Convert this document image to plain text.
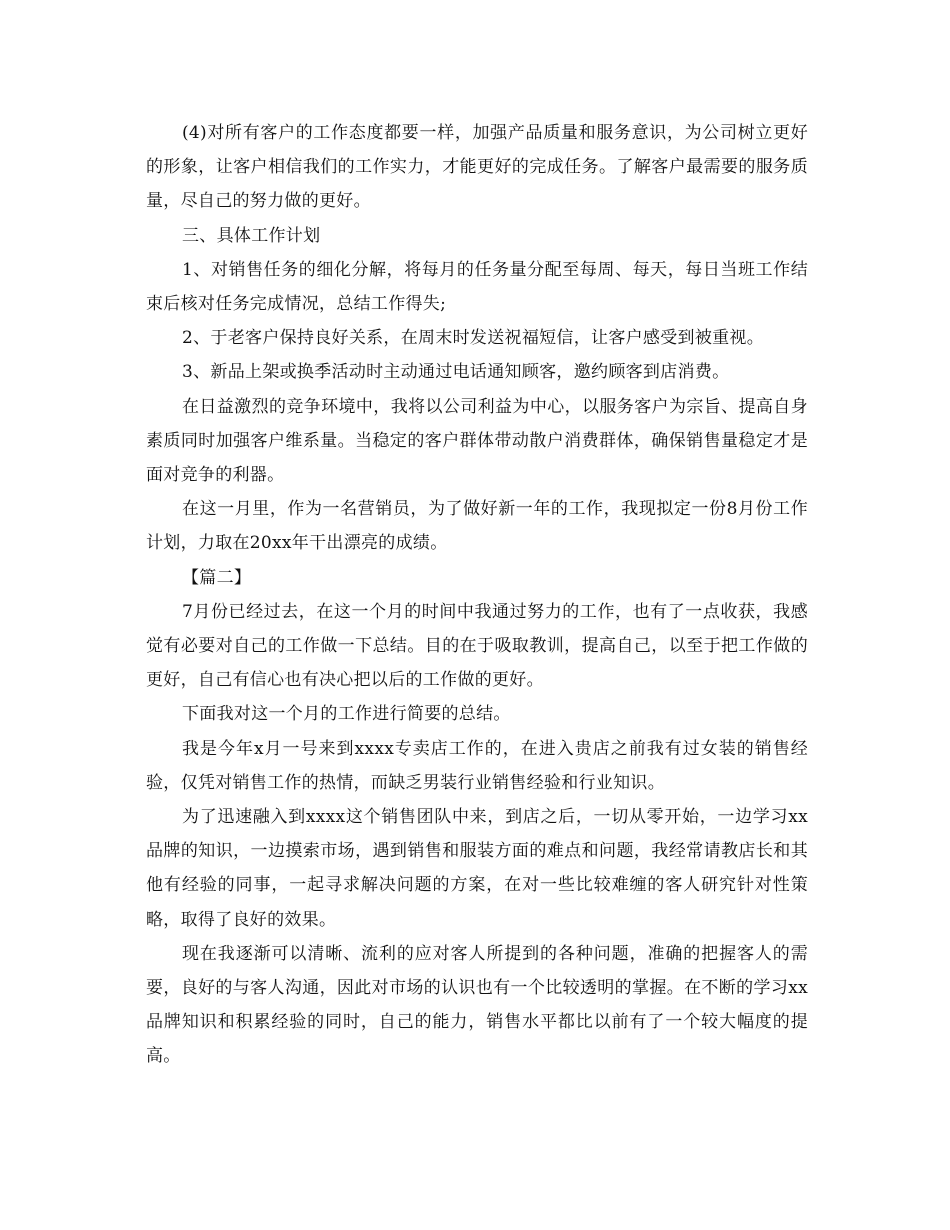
(4)对所有客户的工作态度都要一样，加强产品质量和服务意识，为公司树立更好的形象，让客户相信我们的工作实力，才能更好的完成任务。了解客户最需要的服务质量，尽自己的努力做的更好。

三、具体工作计划

1、对销售任务的细化分解，将每月的任务量分配至每周、每天，每日当班工作结束后核对任务完成情况，总结工作得失;

2、于老客户保持良好关系，在周末时发送祝福短信，让客户感受到被重视。

3、新品上架或换季活动时主动通过电话通知顾客，邀约顾客到店消费。

在日益激烈的竞争环境中，我将以公司利益为中心，以服务客户为宗旨、提高自身素质同时加强客户维系量。当稳定的客户群体带动散户消费群体，确保销售量稳定才是面对竞争的利器。

在这一月里，作为一名营销员，为了做好新一年的工作，我现拟定一份8月份工作计划，力取在20xx年干出漂亮的成绩。

【篇二】

7月份已经过去，在这一个月的时间中我通过努力的工作，也有了一点收获，我感觉有必要对自己的工作做一下总结。目的在于吸取教训，提高自己，以至于把工作做的更好，自己有信心也有决心把以后的工作做的更好。

下面我对这一个月的工作进行简要的总结。

我是今年x月一号来到xxxx专卖店工作的，在进入贵店之前我有过女装的销售经验，仅凭对销售工作的热情，而缺乏男装行业销售经验和行业知识。

为了迅速融入到xxxx这个销售团队中来，到店之后，一切从零开始，一边学习xx品牌的知识，一边摸索市场，遇到销售和服装方面的难点和问题，我经常请教店长和其他有经验的同事，一起寻求解决问题的方案，在对一些比较难缠的客人研究针对性策略，取得了良好的效果。

现在我逐渐可以清晰、流利的应对客人所提到的各种问题，准确的把握客人的需要，良好的与客人沟通，因此对市场的认识也有一个比较透明的掌握。在不断的学习xx品牌知识和积累经验的同时，自己的能力，销售水平都比以前有了一个较大幅度的提高。
